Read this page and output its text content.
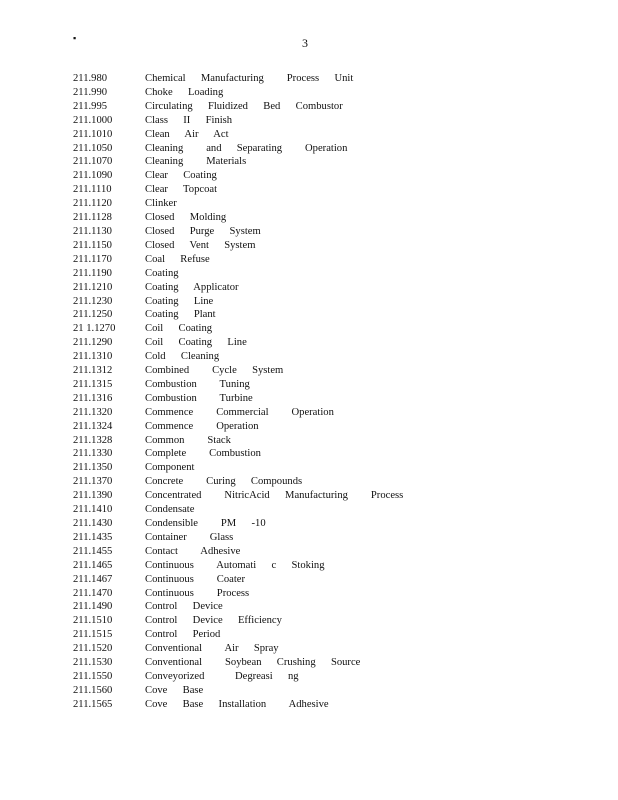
▪	3
211.980	Chemical  Manufacturing   Process  Unit
211.990	Choke  Loading
211.995	Circulating  Fluidized  Bed  Combustor
211.1000	Class  II  Finish
211.1010	Clean  Air  Act
211.1050	Cleaning   and  Separating   Operation
211.1070	Cleaning   Materials
211.1090	Clear  Coating
211.1110	Clear  Topcoat
211.1120	Clinker
211.1128	Closed  Molding
211.1130	Closed  Purge  System
211.1150	Closed  Vent  System
211.1170	Coal  Refuse
211.1190	Coating
211.1210	Coating  Applicator
211.1230	Coating  Line
211.1250	Coating  Plant
21 1.1270	Coil  Coating
211.1290	Coil  Coating  Line
211.1310	Cold  Cleaning
211.1312	Combined   Cycle  System
211.1315	Combustion   Tuning
211.1316	Combustion   Turbine
211.1320	Commence   Commercial   Operation
211.1324	Commence   Operation
211.1328	Common   Stack
211.1330	Complete   Combustion
211.1350	Component
211.1370	Concrete   Curing  Compounds
211.1390	Concentrated   NitricAcid  Manufacturing   Process
211.1410	Condensate
211.1430	Condensible   PM  -10
211.1435	Container   Glass
211.1455	Contact   Adhesive
211.1465	Continuous   Automati  c  Stoking
211.1467	Continuous   Coater
211.1470	Continuous   Process
211.1490	Control  Device
211.1510	Control  Device  Efficiency
211.1515	Control  Period
211.1520	Conventional   Air  Spray
211.1530	Conventional   Soybean  Crushing  Source
211.1550	Conveyorized    Degreasi  ng
211.1560	Cove  Base
211.1565	Cove  Base  Installation   Adhesive
